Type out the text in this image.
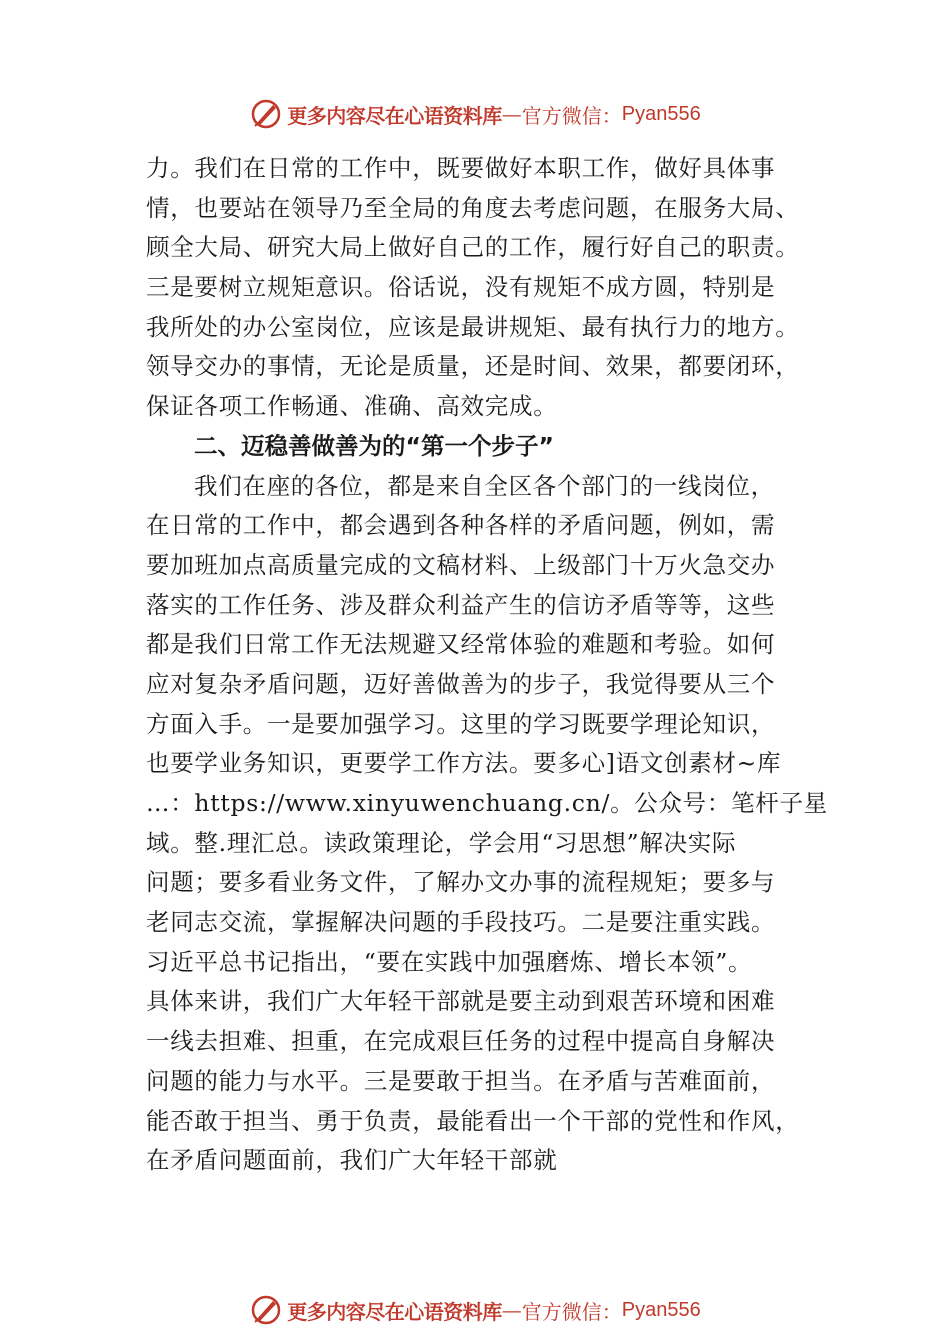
更多内容尽在心语资料库 — 官方微信： Pyan556
力。我们在日常的工作中，既要做好本职工作，做好具体事
情，也要站在领导乃至全局的角度去考虑问题，在服务大局、
顾全大局、研究大局上做好自己的工作，履行好自己的职责。
三是要树立规矩意识。俗话说，没有规矩不成方圆，特别是
我所处的办公室岗位，应该是最讲规矩、最有执行力的地方。
领导交办的事情，无论是质量，还是时间、效果，都要闭环，
保证各项工作畅通、准确、高效完成。
二、迈稳善做善为的“第一个步子”
我们在座的各位，都是来自全区各个部门的一线岗位，
在日常的工作中，都会遇到各种各样的矛盾问题，例如，需
要加班加点高质量完成的文稿材料、上级部门十万火急交办
落实的工作任务、涉及群众利益产生的信访矛盾等等，这些
都是我们日常工作无法规避又经常体验的难题和考验。如何
应对复杂矛盾问题，迈好善做善为的步子，我觉得要从三个
方面入手。一是要加强学习。这里的学习既要学理论知识，
也要学业务知识，更要学工作方法。要多心]语文创素材~库
…：https://www.xinyuwenchuang.cn/。公众号：笔杆子星
域。整.理汇总。读政策理论，学会用“习思想”解决实际
问题；要多看业务文件，了解办文办事的流程规矩；要多与
老同志交流，掌握解决问题的手段技巧。二是要注重实践。
习近平总书记指出，“要在实践中加强磨炼、增长本领”。
具体来讲，我们广大年轻干部就是要主动到艰苦环境和困难
一线去担难、担重，在完成艰巨任务的过程中提高自身解决
问题的能力与水平。三是要敢于担当。在矛盾与苦难面前，
能否敢于担当、勇于负责，最能看出一个干部的党性和作风，
在矛盾问题面前，我们广大年轻干部就
更多内容尽在心语资料库 — 官方微信： Pyan556
